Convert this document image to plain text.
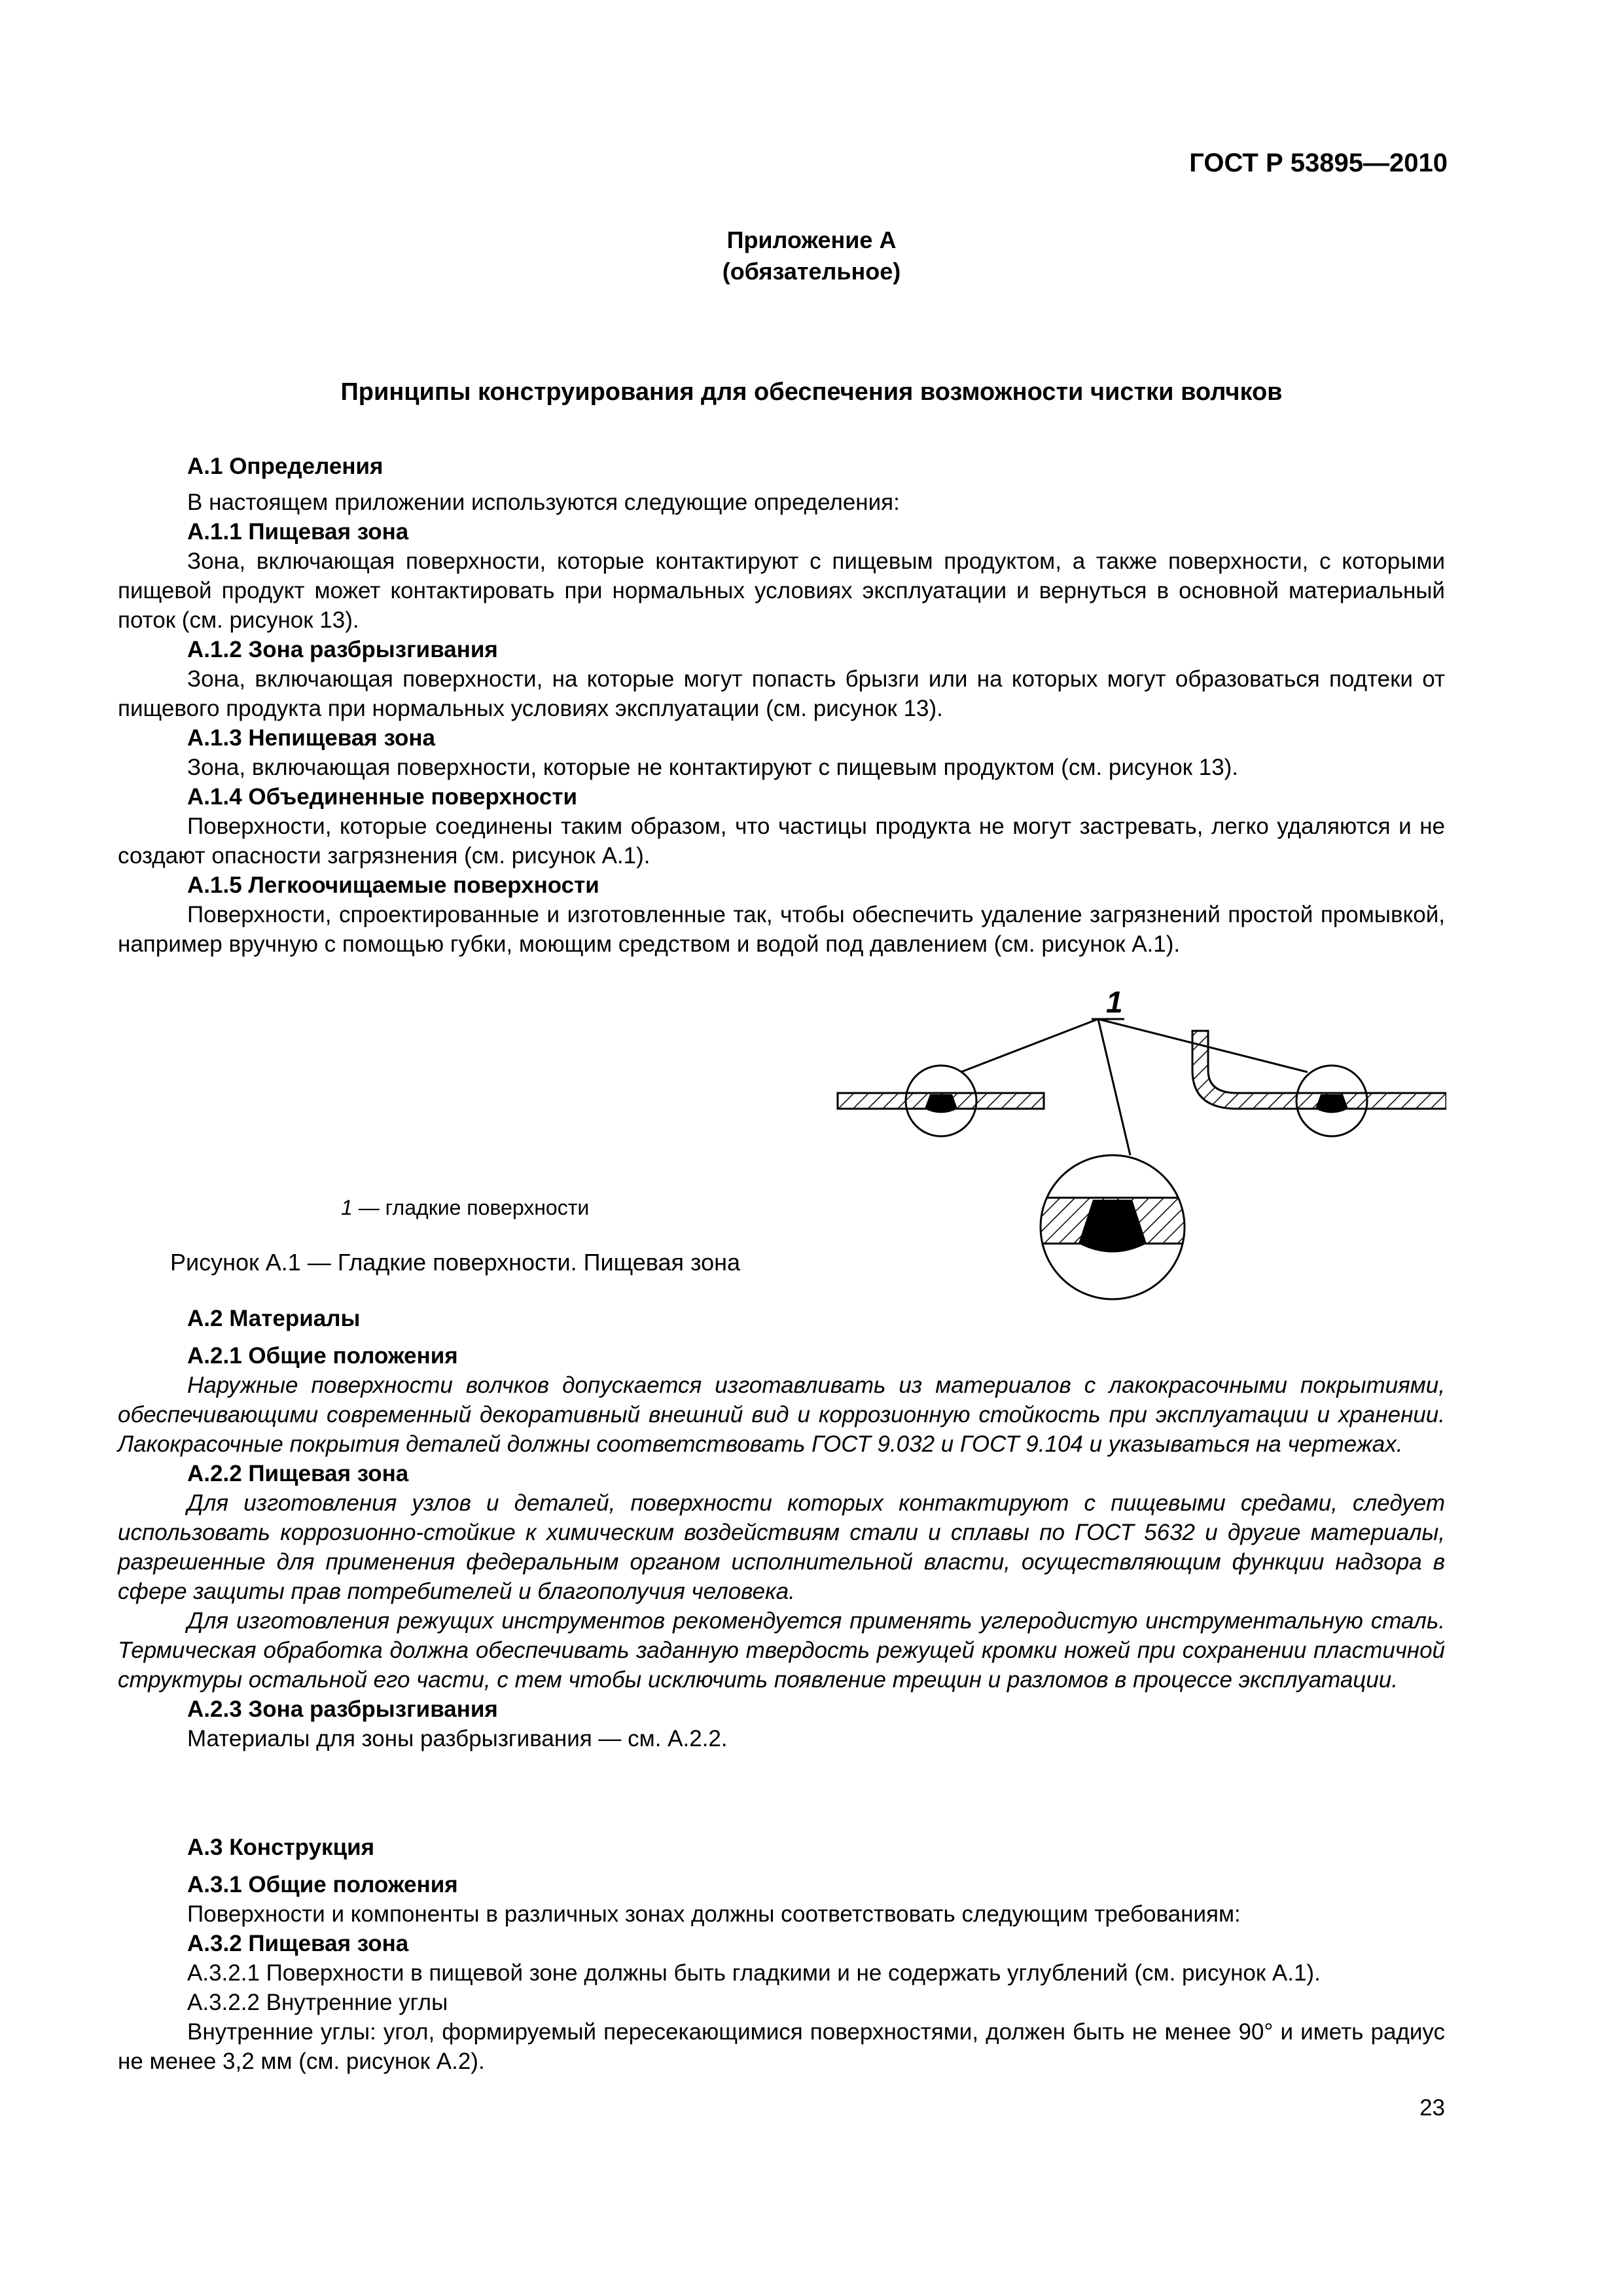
ГОСТ Р 53895—2010
Приложение А
(обязательное)
Принципы конструирования для обеспечения возможности чистки волчков
А.1 Определения

В настоящем приложении используются следующие определения:

А.1.1 Пищевая зона

Зона, включающая поверхности, которые контактируют с пищевым продуктом, а также поверхности, с которыми пищевой продукт может контактировать при нормальных условиях эксплуатации и вернуться в основной материальный поток (см. рисунок 13).

А.1.2 Зона разбрызгивания

Зона, включающая поверхности, на которые могут попасть брызги или на которых могут образоваться подтеки от пищевого продукта при нормальных условиях эксплуатации (см. рисунок 13).

А.1.3 Непищевая зона

Зона, включающая поверхности, которые не контактируют с пищевым продуктом (см. рисунок 13).

А.1.4 Объединенные поверхности

Поверхности, которые соединены таким образом, что частицы продукта не могут застревать, легко удаляются и не создают опасности загрязнения (см. рисунок А.1).

А.1.5 Легкоочищаемые поверхности

Поверхности, спроектированные и изготовленные так, чтобы обеспечить удаление загрязнений простой промывкой, например вручную с помощью губки, моющим средством и водой под давлением (см. рисунок А.1).

1
1 — гладкие поверхности
Рисунок А.1 — Гладкие поверхности. Пищевая зона
А.2 Материалы

А.2.1 Общие положения

Наружные поверхности волчков допускается изготавливать из материалов с лакокрасочными покрытиями, обеспечивающими современный декоративный внешний вид и коррозионную стойкость при эксплуатации и хранении. Лакокрасочные покрытия деталей должны соответствовать ГОСТ 9.032 и ГОСТ 9.104 и указываться на чертежах.

А.2.2 Пищевая зона

Для изготовления узлов и деталей, поверхности которых контактируют с пищевыми средами, следует использовать коррозионно-стойкие к химическим воздействиям стали и сплавы по ГОСТ 5632 и другие материалы, разрешенные для применения федеральным органом исполнительной власти, осуществляющим функции надзора в сфере защиты прав потребителей и благополучия человека.

Для изготовления режущих инструментов рекомендуется применять углеродистую инструментальную сталь. Термическая обработка должна обеспечивать заданную твердость режущей кромки ножей при сохранении пластичной структуры остальной его части, с тем чтобы исключить появление трещин и разломов в процессе эксплуатации.

А.2.3 Зона разбрызгивания

Материалы для зоны разбрызгивания — см. А.2.2.

А.3 Конструкция

А.3.1 Общие положения

Поверхности и компоненты в различных зонах должны соответствовать следующим требованиям:

А.3.2 Пищевая зона

А.3.2.1 Поверхности в пищевой зоне должны быть гладкими и не содержать углублений (см. рисунок А.1).

А.3.2.2 Внутренние углы

Внутренние углы: угол, формируемый пересекающимися поверхностями, должен быть не менее 90° и иметь радиус не менее 3,2 мм (см. рисунок А.2).

23
